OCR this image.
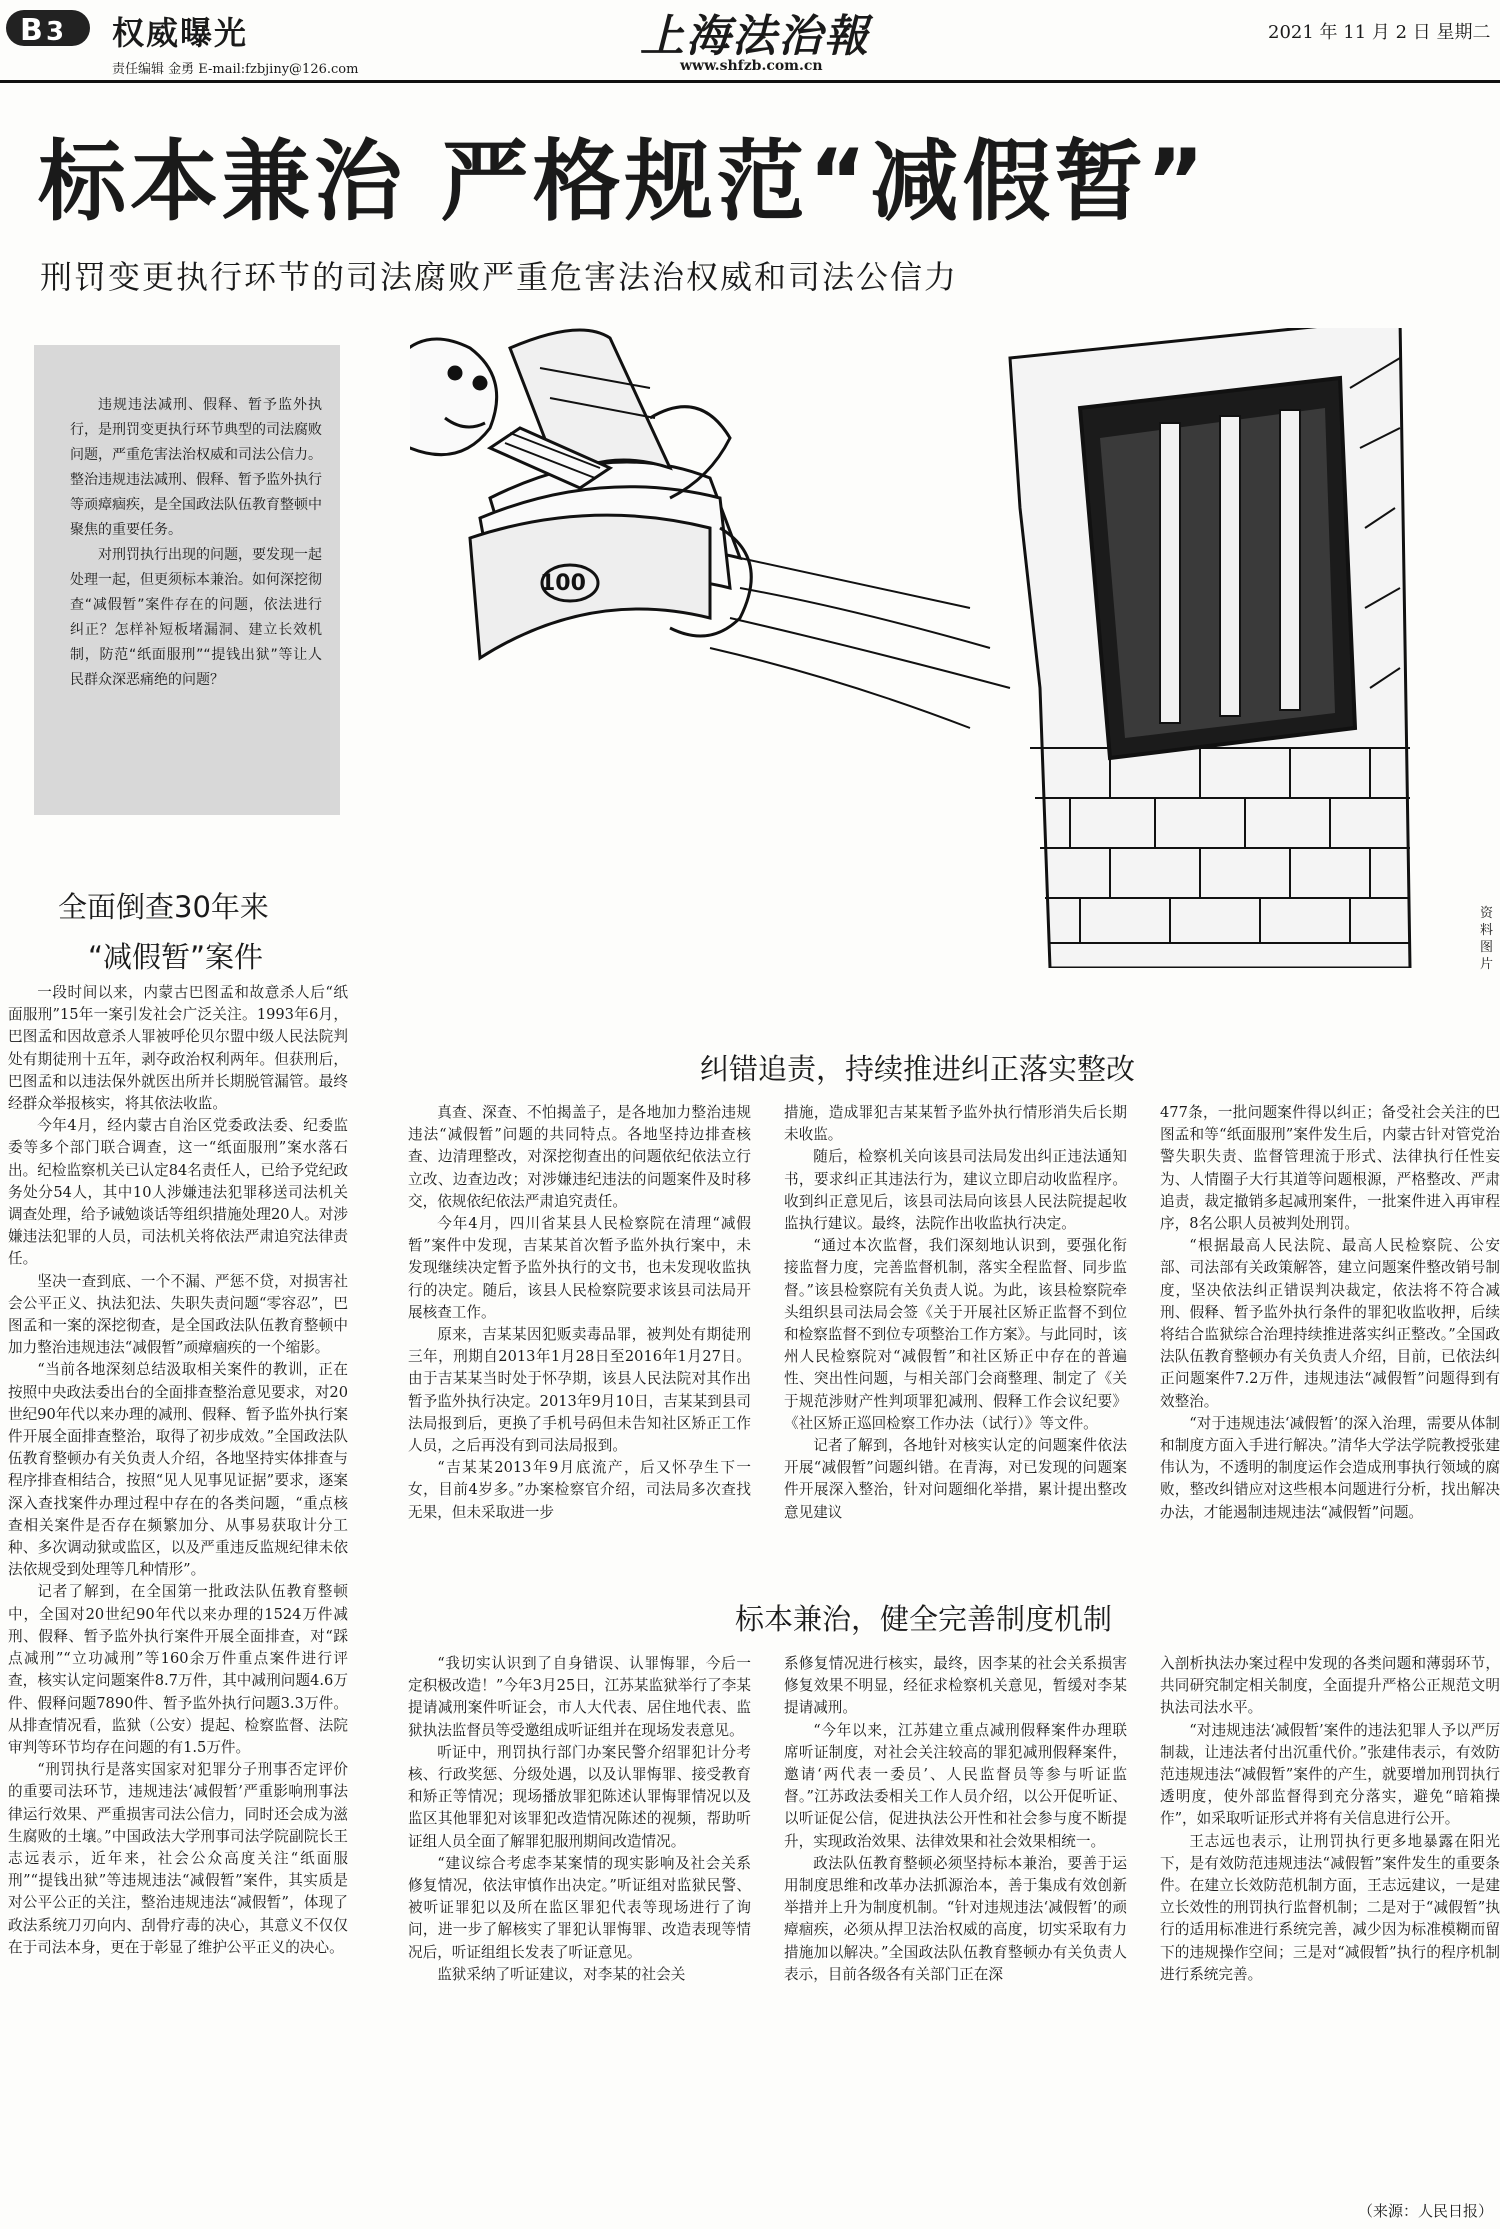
B 3 权威曝光
责任编辑 金勇 E-mail:fzbjiny@126.com
上海法治報
www.shfzb.com.cn
2021 年 11 月 2 日 星期二
标本兼治 严格规范“减假暂”
刑罚变更执行环节的司法腐败严重危害法治权威和司法公信力

违规违法减刑、假释、暂予监外执行，是刑罚变更执行环节典型的司法腐败问题，严重危害法治权威和司法公信力。整治违规违法减刑、假释、暂予监外执行等顽瘴痼疾，是全国政法队伍教育整顿中聚焦的重要任务。

对刑罚执行出现的问题，要发现一起处理一起，但更须标本兼治。如何深挖彻查“减假暂”案件存在的问题，依法进行纠正？怎样补短板堵漏洞、建立长效机制，防范“纸面服刑”“提钱出狱”等让人民群众深恶痛绝的问题？

100
资料图片
全面倒查30年来
“减假暂”案件
纠错追责，持续推进纠正落实整改
标本兼治，健全完善制度机制

一段时间以来，内蒙古巴图孟和故意杀人后“纸面服刑”15年一案引发社会广泛关注。1993年6月，巴图孟和因故意杀人罪被呼伦贝尔盟中级人民法院判处有期徒刑十五年，剥夺政治权利两年。但获刑后，巴图孟和以违法保外就医出所并长期脱管漏管。最终经群众举报核实，将其依法收监。

今年4月，经内蒙古自治区党委政法委、纪委监委等多个部门联合调查，这一“纸面服刑”案水落石出。纪检监察机关已认定84名责任人，已给予党纪政务处分54人，其中10人涉嫌违法犯罪移送司法机关调查处理，给予诫勉谈话等组织措施处理20人。对涉嫌违法犯罪的人员，司法机关将依法严肃追究法律责任。

坚决一查到底、一个不漏、严惩不贷，对损害社会公平正义、执法犯法、失职失责问题“零容忍”，巴图孟和一案的深挖彻查，是全国政法队伍教育整顿中加力整治违规违法“减假暂”顽瘴痼疾的一个缩影。

“当前各地深刻总结汲取相关案件的教训，正在按照中央政法委出台的全面排查整治意见要求，对20世纪90年代以来办理的减刑、假释、暂予监外执行案件开展全面排查整治，取得了初步成效。”全国政法队伍教育整顿办有关负责人介绍，各地坚持实体排查与程序排查相结合，按照“见人见事见证据”要求，逐案深入查找案件办理过程中存在的各类问题，“重点核查相关案件是否存在频繁加分、从事易获取计分工种、多次调动狱或监区，以及严重违反监规纪律未依法依规受到处理等几种情形”。

记者了解到，在全国第一批政法队伍教育整顿中，全国对20世纪90年代以来办理的1524万件减刑、假释、暂予监外执行案件开展全面排查，对“踩点减刑”“立功减刑”等160余万件重点案件进行评查，核实认定问题案件8.7万件，其中减刑问题4.6万件、假释问题7890件、暂予监外执行问题3.3万件。从排查情况看，监狱（公安）提起、检察监督、法院审判等环节均存在问题的有1.5万件。

“刑罚执行是落实国家对犯罪分子刑事否定评价的重要司法环节，违规违法‘减假暂’严重影响刑事法律运行效果、严重损害司法公信力，同时还会成为滋生腐败的土壤。”中国政法大学刑事司法学院副院长王志远表示，近年来，社会公众高度关注“纸面服刑”“提钱出狱”等违规违法“减假暂”案件，其实质是对公平公正的关注，整治违规违法“减假暂”，体现了政法系统刀刃向内、刮骨疗毒的决心，其意义不仅仅在于司法本身，更在于彰显了维护公平正义的决心。

真查、深查、不怕揭盖子，是各地加力整治违规违法“减假暂”问题的共同特点。各地坚持边排查核查、边清理整改，对深挖彻查出的问题依纪依法立行立改、边查边改；对涉嫌违纪违法的问题案件及时移交，依规依纪依法严肃追究责任。

今年4月，四川省某县人民检察院在清理“减假暂”案件中发现，吉某某首次暂予监外执行案中，未发现继续决定暂予监外执行的文书，也未发现收监执行的决定。随后，该县人民检察院要求该县司法局开展核查工作。

原来，吉某某因犯贩卖毒品罪，被判处有期徒刑三年，刑期自2013年1月28日至2016年1月27日。由于吉某某当时处于怀孕期，该县人民法院对其作出暂予监外执行决定。2013年9月10日，吉某某到县司法局报到后，更换了手机号码但未告知社区矫正工作人员，之后再没有到司法局报到。

“吉某某2013年9月底流产，后又怀孕生下一女，目前4岁多。”办案检察官介绍，司法局多次查找无果，但未采取进一步

措施，造成罪犯吉某某暂予监外执行情形消失后长期未收监。

随后，检察机关向该县司法局发出纠正违法通知书，要求纠正其违法行为，建议立即启动收监程序。收到纠正意见后，该县司法局向该县人民法院提起收监执行建议。最终，法院作出收监执行决定。

“通过本次监督，我们深刻地认识到，要强化衔接监督力度，完善监督机制，落实全程监督、同步监督。”该县检察院有关负责人说。为此，该县检察院牵头组织县司法局会签《关于开展社区矫正监督不到位和检察监督不到位专项整治工作方案》。与此同时，该州人民检察院对“减假暂”和社区矫正中存在的普遍性、突出性问题，与相关部门会商整理、制定了《关于规范涉财产性判项罪犯减刑、假释工作会议纪要》《社区矫正巡回检察工作办法（试行）》等文件。

记者了解到，各地针对核实认定的问题案件依法开展“减假暂”问题纠错。在青海，对已发现的问题案件开展深入整治，针对问题细化举措，累计提出整改意见建议

477条，一批问题案件得以纠正；备受社会关注的巴图孟和等“纸面服刑”案件发生后，内蒙古针对管党治警失职失责、监督管理流于形式、法律执行任性妄为、人情圈子大行其道等问题根源，严格整改、严肃追责，裁定撤销多起减刑案件，一批案件进入再审程序，8名公职人员被判处刑罚。

“根据最高人民法院、最高人民检察院、公安部、司法部有关政策解答，建立问题案件整改销号制度，坚决依法纠正错误判决裁定，依法将不符合减刑、假释、暂予监外执行条件的罪犯收监收押，后续将结合监狱综合治理持续推进落实纠正整改。”全国政法队伍教育整顿办有关负责人介绍，目前，已依法纠正问题案件7.2万件，违规违法“减假暂”问题得到有效整治。

“对于违规违法‘减假暂’的深入治理，需要从体制和制度方面入手进行解决。”清华大学法学院教授张建伟认为，不透明的制度运作会造成刑事执行领域的腐败，整改纠错应对这些根本问题进行分析，找出解决办法，才能遏制违规违法“减假暂”问题。

“我切实认识到了自身错误、认罪悔罪，今后一定积极改造！”今年3月25日，江苏某监狱举行了李某提请减刑案件听证会，市人大代表、居住地代表、监狱执法监督员等受邀组成听证组并在现场发表意见。

听证中，刑罚执行部门办案民警介绍罪犯计分考核、行政奖惩、分级处遇，以及认罪悔罪、接受教育和矫正等情况；现场播放罪犯陈述认罪悔罪情况以及监区其他罪犯对该罪犯改造情况陈述的视频，帮助听证组人员全面了解罪犯服刑期间改造情况。

“建议综合考虑李某案情的现实影响及社会关系修复情况，依法审慎作出决定。”听证组对监狱民警、被听证罪犯以及所在监区罪犯代表等现场进行了询问，进一步了解核实了罪犯认罪悔罪、改造表现等情况后，听证组组长发表了听证意见。

监狱采纳了听证建议，对李某的社会关

系修复情况进行核实，最终，因李某的社会关系损害修复效果不明显，经征求检察机关意见，暂缓对李某提请减刑。

“今年以来，江苏建立重点减刑假释案件办理联席听证制度，对社会关注较高的罪犯减刑假释案件，邀请‘两代表一委员’、人民监督员等参与听证监督。”江苏政法委相关工作人员介绍，以公开促听证、以听证促公信，促进执法公开性和社会参与度不断提升，实现政治效果、法律效果和社会效果相统一。

政法队伍教育整顿必须坚持标本兼治，要善于运用制度思维和改革办法抓源治本，善于集成有效创新举措并上升为制度机制。“针对违规违法‘减假暂’的顽瘴痼疾，必须从捍卫法治权威的高度，切实采取有力措施加以解决。”全国政法队伍教育整顿办有关负责人表示，目前各级各有关部门正在深

入剖析执法办案过程中发现的各类问题和薄弱环节，共同研究制定相关制度，全面提升严格公正规范文明执法司法水平。

“对违规违法‘减假暂’案件的违法犯罪人予以严厉制裁，让违法者付出沉重代价。”张建伟表示，有效防范违规违法“减假暂”案件的产生，就要增加刑罚执行透明度，使外部监督得到充分落实，避免“暗箱操作”，如采取听证形式并将有关信息进行公开。

王志远也表示，让刑罚执行更多地暴露在阳光下，是有效防范违规违法“减假暂”案件发生的重要条件。在建立长效防范机制方面，王志远建议，一是建立长效性的刑罚执行监督机制；二是对于“减假暂”执行的适用标准进行系统完善，减少因为标准模糊而留下的违规操作空间；三是对“减假暂”执行的程序机制进行系统完善。

（来源：人民日报）
